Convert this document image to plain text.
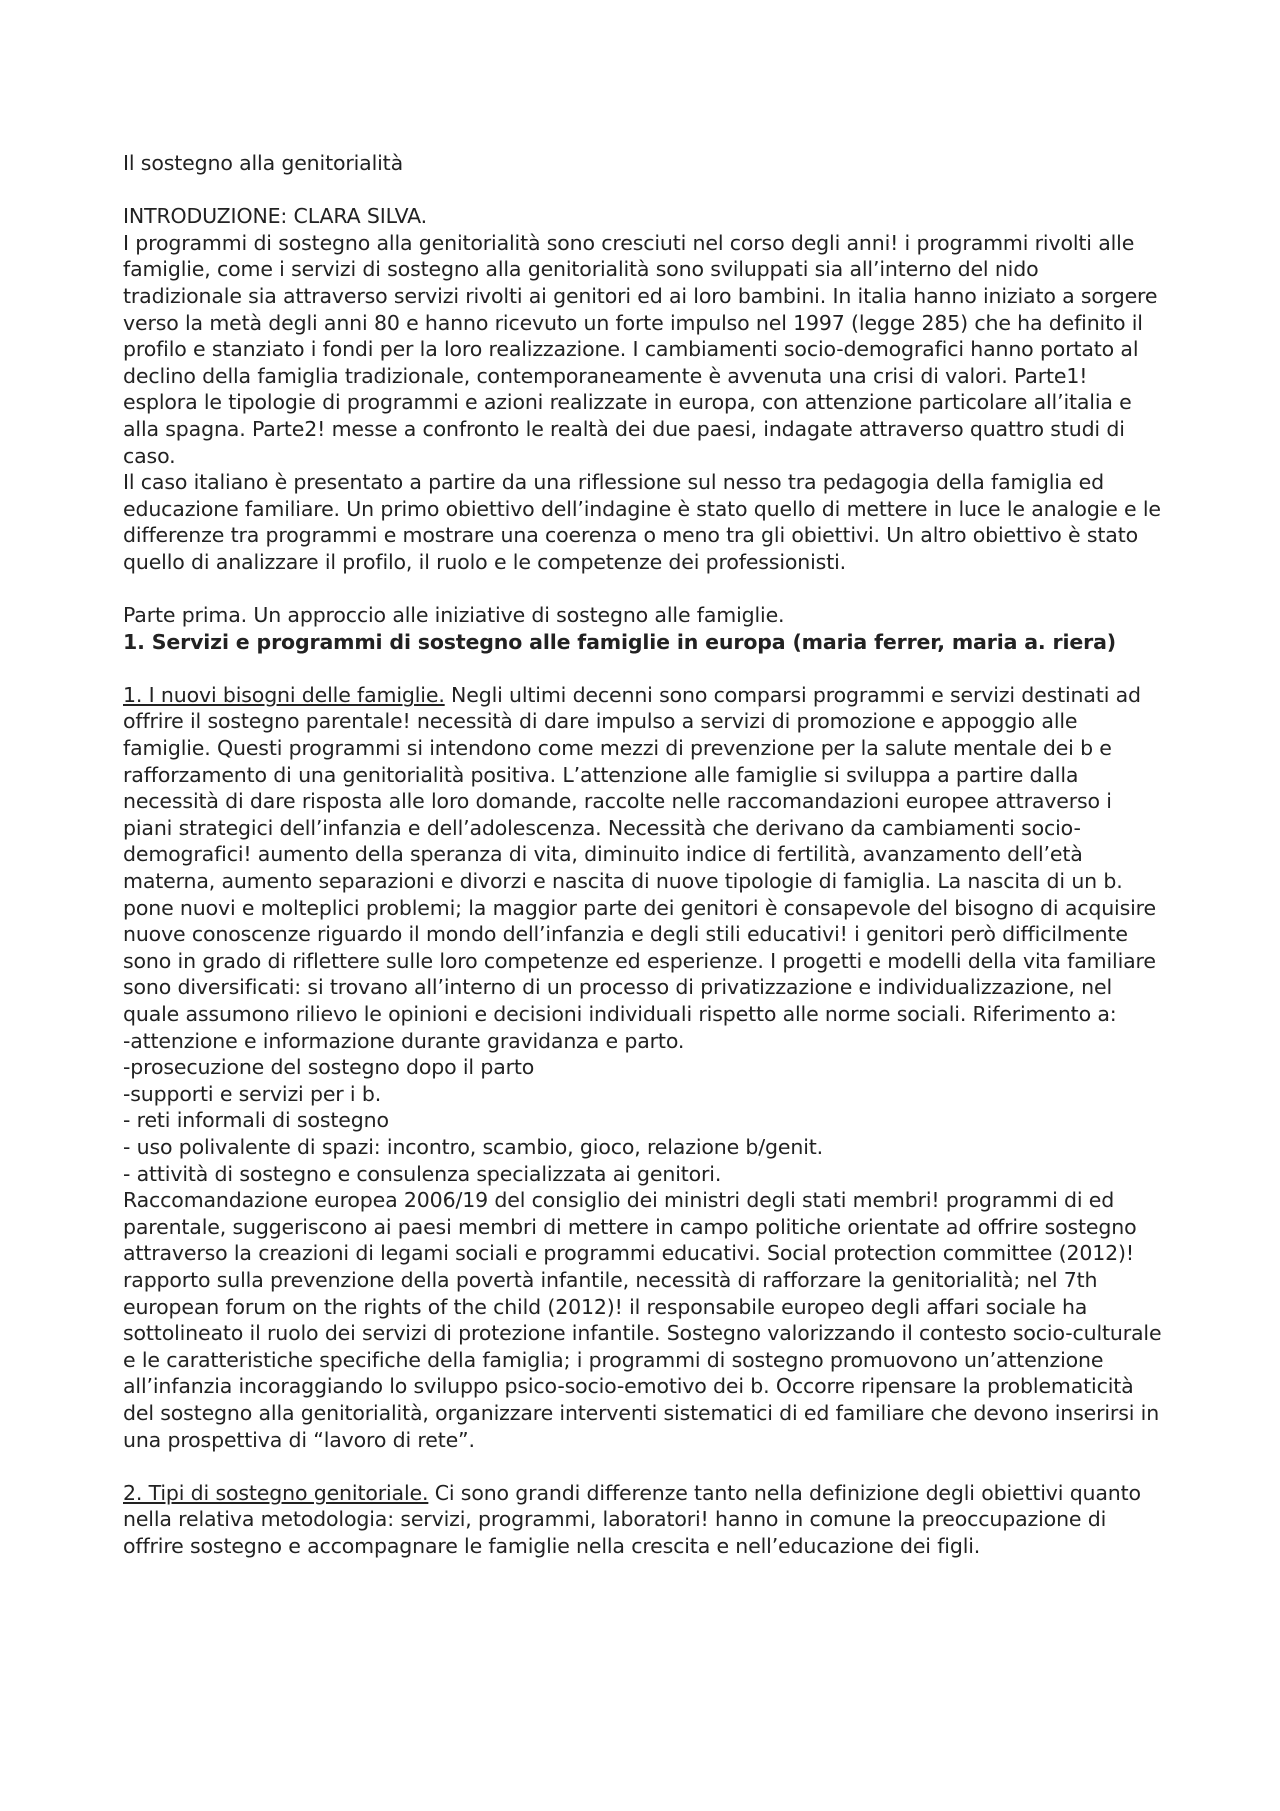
Il sostegno alla genitorialità

INTRODUZIONE: CLARA SILVA.

I programmi di sostegno alla genitorialità sono cresciuti nel corso degli anni! i programmi rivolti alle famiglie, come i servizi di sostegno alla genitorialità sono sviluppati sia all’interno del nido tradizionale sia attraverso servizi rivolti ai genitori ed ai loro bambini. In italia hanno iniziato a sorgere verso la metà degli anni 80 e hanno ricevuto un forte impulso nel 1997 (legge 285) che ha definito il profilo e stanziato i fondi per la loro realizzazione. I cambiamenti socio-demografici hanno portato al declino della famiglia tradizionale, contemporaneamente è avvenuta una crisi di valori. Parte1! esplora le tipologie di programmi e azioni realizzate in europa, con attenzione particolare all’italia e alla spagna. Parte2! messe a confronto le realtà dei due paesi, indagate attraverso quattro studi di caso.

Il caso italiano è presentato a partire da una riflessione sul nesso tra pedagogia della famiglia ed educazione familiare. Un primo obiettivo dell’indagine è stato quello di mettere in luce le analogie e le differenze tra programmi e mostrare una coerenza o meno tra gli obiettivi. Un altro obiettivo è stato quello di analizzare il profilo, il ruolo e le competenze dei professionisti.

Parte prima. Un approccio alle iniziative di sostegno alle famiglie.

1. Servizi e programmi di sostegno alle famiglie in europa (maria ferrer, maria a. riera)

1. I nuovi bisogni delle famiglie. Negli ultimi decenni sono comparsi programmi e servizi destinati ad offrire il sostegno parentale! necessità di dare impulso a servizi di promozione e appoggio alle famiglie. Questi programmi si intendono come mezzi di prevenzione per la salute mentale dei b e rafforzamento di una genitorialità positiva. L’attenzione alle famiglie si sviluppa a partire dalla necessità di dare risposta alle loro domande, raccolte nelle raccomandazioni europee attraverso i piani strategici dell’infanzia e dell’adolescenza. Necessità che derivano da cambiamenti socio-demografici! aumento della speranza di vita, diminuito indice di fertilità, avanzamento dell’età materna, aumento separazioni e divorzi e nascita di nuove tipologie di famiglia. La nascita di un b. pone nuovi e molteplici problemi; la maggior parte dei genitori è consapevole del bisogno di acquisire nuove conoscenze riguardo il mondo dell’infanzia e degli stili educativi! i genitori però difficilmente sono in grado di riflettere sulle loro competenze ed esperienze. I progetti e modelli della vita familiare sono diversificati: si trovano all’interno di un processo di privatizzazione e individualizzazione, nel quale assumono rilievo le opinioni e decisioni individuali rispetto alle norme sociali. Riferimento a:

-attenzione e informazione durante gravidanza e parto.

-prosecuzione del sostegno dopo il parto

-supporti e servizi per i b.

- reti informali di sostegno

- uso polivalente di spazi: incontro, scambio, gioco, relazione b/genit.

- attività di sostegno e consulenza specializzata ai genitori.

Raccomandazione europea 2006/19 del consiglio dei ministri degli stati membri! programmi di ed parentale, suggeriscono ai paesi membri di mettere in campo politiche orientate ad offrire sostegno attraverso la creazioni di legami sociali e programmi educativi. Social protection committee (2012)! rapporto sulla prevenzione della povertà infantile, necessità di rafforzare la genitorialità; nel 7th european forum on the rights of the child (2012)! il responsabile europeo degli affari sociale ha sottolineato il ruolo dei servizi di protezione infantile. Sostegno valorizzando il contesto socio-culturale e le caratteristiche specifiche della famiglia; i programmi di sostegno promuovono un’attenzione all’infanzia incoraggiando lo sviluppo psico-socio-emotivo dei b. Occorre ripensare la problematicità del sostegno alla genitorialità, organizzare interventi sistematici di ed familiare che devono inserirsi in una prospettiva di “lavoro di rete”.

2. Tipi di sostegno genitoriale. Ci sono grandi differenze tanto nella definizione degli obiettivi quanto nella relativa metodologia: servizi, programmi, laboratori! hanno in comune la preoccupazione di offrire sostegno e accompagnare le famiglie nella crescita e nell’educazione dei figli.
